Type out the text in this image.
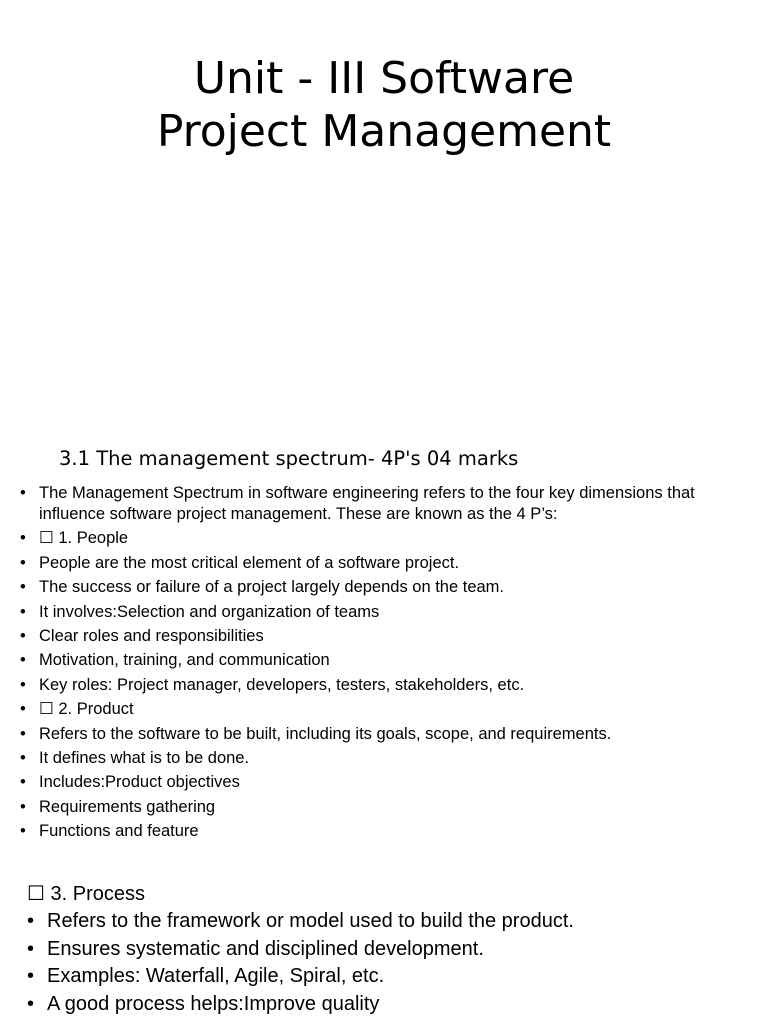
Unit - III Software
Project Management
3.1 The management spectrum- 4P's 04 marks
• The Management Spectrum in software engineering refers to the four key dimensions that influence software project management. These are known as the 4 P’s:
• ☐ 1. People
• People are the most critical element of a software project.
• The success or failure of a project largely depends on the team.
• It involves:Selection and organization of teams
• Clear roles and responsibilities
• Motivation, training, and communication
• Key roles: Project manager, developers, testers, stakeholders, etc.
• ☐ 2. Product
• Refers to the software to be built, including its goals, scope, and requirements.
• It defines what is to be done.
• Includes:Product objectives
• Requirements gathering
• Functions and feature
☐ 3. Process
• Refers to the framework or model used to build the product.
• Ensures systematic and disciplined development.
• Examples: Waterfall, Agile, Spiral, etc.
• A good process helps:Improve quality
